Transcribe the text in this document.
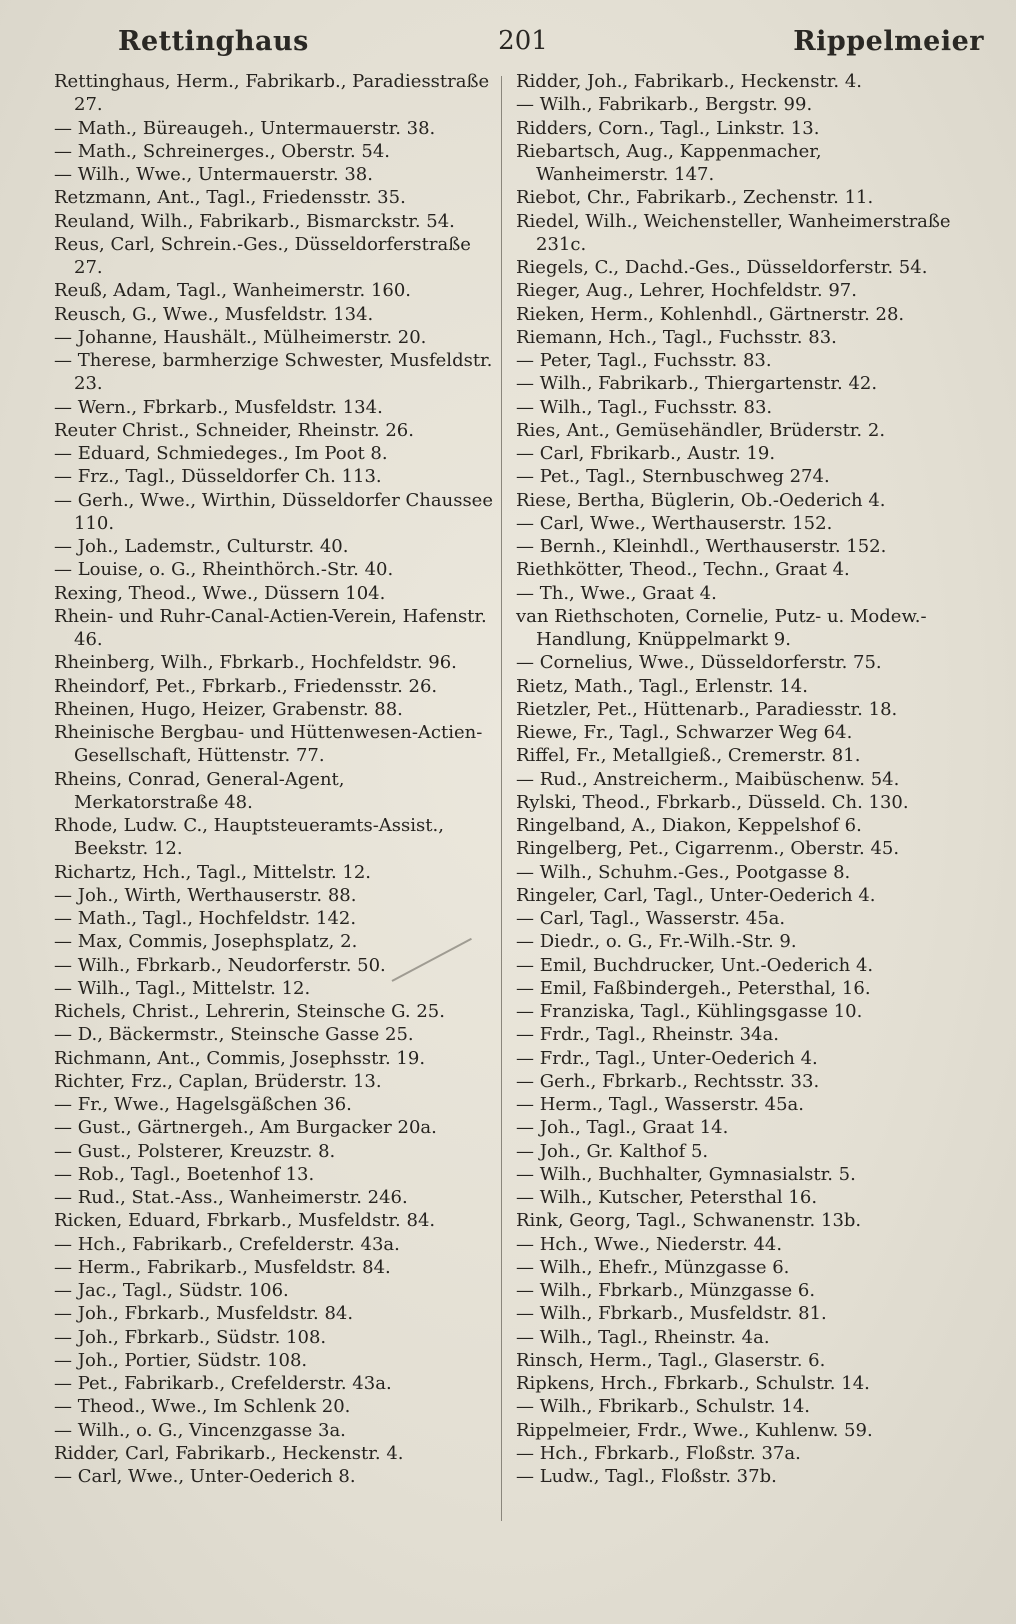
Rettinghaus	201	Rippelmeier

Rettinghaus, Herm., Fabrikarb., Paradiesstraße 27.

— Math., Büreaugeh., Untermauerstr. 38.

— Math., Schreinerges., Oberstr. 54.

— Wilh., Wwe., Untermauerstr. 38.

Retzmann, Ant., Tagl., Friedensstr. 35.

Reuland, Wilh., Fabrikarb., Bismarckstr. 54.

Reus, Carl, Schrein.-Ges., Düsseldorferstraße 27.

Reuß, Adam, Tagl., Wanheimerstr. 160.

Reusch, G., Wwe., Musfeldstr. 134.

— Johanne, Haushält., Mülheimerstr. 20.

— Therese, barmherzige Schwester, Musfeldstr. 23.

— Wern., Fbrkarb., Musfeldstr. 134.

Reuter Christ., Schneider, Rheinstr. 26.

— Eduard, Schmiedeges., Im Poot 8.

— Frz., Tagl., Düsseldorfer Ch. 113.

— Gerh., Wwe., Wirthin, Düsseldorfer Chaussee 110.

— Joh., Lademstr., Culturstr. 40.

— Louise, o. G., Rheinthörch.-Str. 40.

Rexing, Theod., Wwe., Düssern 104.

Rhein- und Ruhr-Canal-Actien-Verein, Hafenstr. 46.

Rheinberg, Wilh., Fbrkarb., Hochfeldstr. 96.

Rheindorf, Pet., Fbrkarb., Friedensstr. 26.

Rheinen, Hugo, Heizer, Grabenstr. 88.

Rheinische Bergbau- und Hüttenwesen-Actien-Gesellschaft, Hüttenstr. 77.

Rheins, Conrad, General-Agent, Merkatorstraße 48.

Rhode, Ludw. C., Hauptsteueramts-Assist., Beekstr. 12.

Richartz, Hch., Tagl., Mittelstr. 12.

— Joh., Wirth, Werthauserstr. 88.

— Math., Tagl., Hochfeldstr. 142.

— Max, Commis, Josephsplatz, 2.

— Wilh., Fbrkarb., Neudorferstr. 50.

— Wilh., Tagl., Mittelstr. 12.

Richels, Christ., Lehrerin, Steinsche G. 25.

— D., Bäckermstr., Steinsche Gasse 25.

Richmann, Ant., Commis, Josephsstr. 19.

Richter, Frz., Caplan, Brüderstr. 13.

— Fr., Wwe., Hagelsgäßchen 36.

— Gust., Gärtnergeh., Am Burgacker 20a.

— Gust., Polsterer, Kreuzstr. 8.

— Rob., Tagl., Boetenhof 13.

— Rud., Stat.-Ass., Wanheimerstr. 246.

Ricken, Eduard, Fbrkarb., Musfeldstr. 84.

— Hch., Fabrikarb., Crefelderstr. 43a.

— Herm., Fabrikarb., Musfeldstr. 84.

— Jac., Tagl., Südstr. 106.

— Joh., Fbrkarb., Musfeldstr. 84.

— Joh., Fbrkarb., Südstr. 108.

— Joh., Portier, Südstr. 108.

— Pet., Fabrikarb., Crefelderstr. 43a.

— Theod., Wwe., Im Schlenk 20.

— Wilh., o. G., Vincenzgasse 3a.

Ridder, Carl, Fabrikarb., Heckenstr. 4.

— Carl, Wwe., Unter-Oederich 8.

Ridder, Joh., Fabrikarb., Heckenstr. 4.

— Wilh., Fabrikarb., Bergstr. 99.

Ridders, Corn., Tagl., Linkstr. 13.

Riebartsch, Aug., Kappenmacher, Wanheimerstr. 147.

Riebot, Chr., Fabrikarb., Zechenstr. 11.

Riedel, Wilh., Weichensteller, Wanheimerstraße 231c.

Riegels, C., Dachd.-Ges., Düsseldorferstr. 54.

Rieger, Aug., Lehrer, Hochfeldstr. 97.

Rieken, Herm., Kohlenhdl., Gärtnerstr. 28.

Riemann, Hch., Tagl., Fuchsstr. 83.

— Peter, Tagl., Fuchsstr. 83.

— Wilh., Fabrikarb., Thiergartenstr. 42.

— Wilh., Tagl., Fuchsstr. 83.

Ries, Ant., Gemüsehändler, Brüderstr. 2.

— Carl, Fbrikarb., Austr. 19.

— Pet., Tagl., Sternbuschweg 274.

Riese, Bertha, Büglerin, Ob.-Oederich 4.

— Carl, Wwe., Werthauserstr. 152.

— Bernh., Kleinhdl., Werthauserstr. 152.

Riethkötter, Theod., Techn., Graat 4.

— Th., Wwe., Graat 4.

van Riethschoten, Cornelie, Putz- u. Modew.-Handlung, Knüppelmarkt 9.

— Cornelius, Wwe., Düsseldorferstr. 75.

Rietz, Math., Tagl., Erlenstr. 14.

Rietzler, Pet., Hüttenarb., Paradiesstr. 18.

Riewe, Fr., Tagl., Schwarzer Weg 64.

Riffel, Fr., Metallgieß., Cremerstr. 81.

— Rud., Anstreicherm., Maibüschenw. 54.

Rylski, Theod., Fbrkarb., Düsseld. Ch. 130.

Ringelband, A., Diakon, Keppelshof 6.

Ringelberg, Pet., Cigarrenm., Oberstr. 45.

— Wilh., Schuhm.-Ges., Pootgasse 8.

Ringeler, Carl, Tagl., Unter-Oederich 4.

— Carl, Tagl., Wasserstr. 45a.

— Diedr., o. G., Fr.-Wilh.-Str. 9.

— Emil, Buchdrucker, Unt.-Oederich 4.

— Emil, Faßbindergeh., Petersthal, 16.

— Franziska, Tagl., Kühlingsgasse 10.

— Frdr., Tagl., Rheinstr. 34a.

— Frdr., Tagl., Unter-Oederich 4.

— Gerh., Fbrkarb., Rechtsstr. 33.

— Herm., Tagl., Wasserstr. 45a.

— Joh., Tagl., Graat 14.

— Joh., Gr. Kalthof 5.

— Wilh., Buchhalter, Gymnasialstr. 5.

— Wilh., Kutscher, Petersthal 16.

Rink, Georg, Tagl., Schwanenstr. 13b.

— Hch., Wwe., Niederstr. 44.

— Wilh., Ehefr., Münzgasse 6.

— Wilh., Fbrkarb., Münzgasse 6.

— Wilh., Fbrkarb., Musfeldstr. 81.

— Wilh., Tagl., Rheinstr. 4a.

Rinsch, Herm., Tagl., Glaserstr. 6.

Ripkens, Hrch., Fbrkarb., Schulstr. 14.

— Wilh., Fbrikarb., Schulstr. 14.

Rippelmeier, Frdr., Wwe., Kuhlenw. 59.

— Hch., Fbrkarb., Floßstr. 37a.

— Ludw., Tagl., Floßstr. 37b.
